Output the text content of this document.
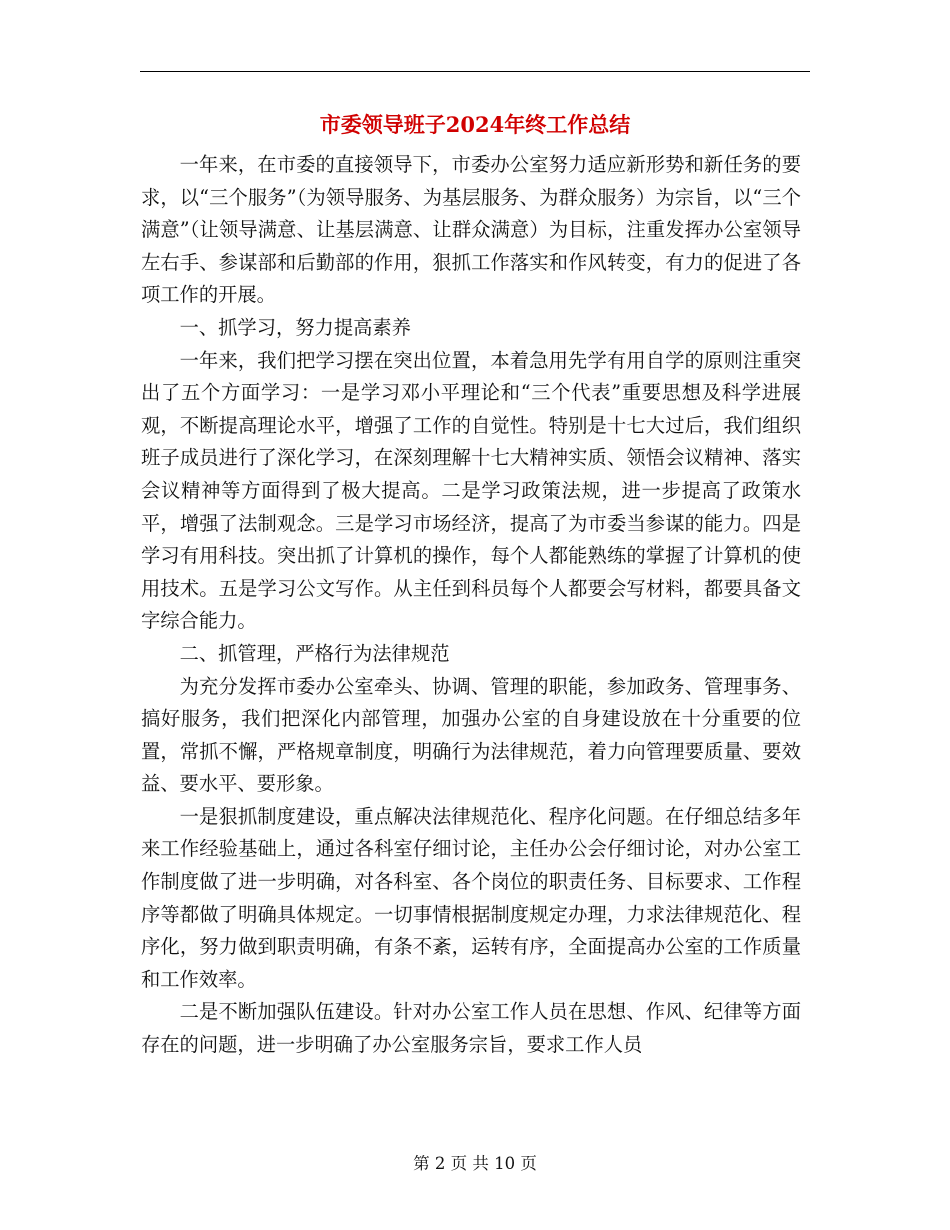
市委领导班子2024年终工作总结

一年来，在市委的直接领导下，市委办公室努力适应新形势和新任务的要求，以“三个服务”（为领导服务、为基层服务、为群众服务）为宗旨，以“三个满意”（让领导满意、让基层满意、让群众满意）为目标，注重发挥办公室领导左右手、参谋部和后勤部的作用，狠抓工作落实和作风转变，有力的促进了各项工作的开展。

一、抓学习，努力提高素养

一年来，我们把学习摆在突出位置，本着急用先学有用自学的原则注重突出了五个方面学习：一是学习邓小平理论和“三个代表”重要思想及科学进展观，不断提高理论水平，增强了工作的自觉性。特别是十七大过后，我们组织班子成员进行了深化学习，在深刻理解十七大精神实质、领悟会议精神、落实会议精神等方面得到了极大提高。二是学习政策法规，进一步提高了政策水平，增强了法制观念。三是学习市场经济，提高了为市委当参谋的能力。四是学习有用科技。突出抓了计算机的操作，每个人都能熟练的掌握了计算机的使用技术。五是学习公文写作。从主任到科员每个人都要会写材料，都要具备文字综合能力。

二、抓管理，严格行为法律规范

为充分发挥市委办公室牵头、协调、管理的职能，参加政务、管理事务、搞好服务，我们把深化内部管理，加强办公室的自身建设放在十分重要的位置，常抓不懈，严格规章制度，明确行为法律规范，着力向管理要质量、要效益、要水平、要形象。

一是狠抓制度建设，重点解决法律规范化、程序化问题。在仔细总结多年来工作经验基础上，通过各科室仔细讨论，主任办公会仔细讨论，对办公室工作制度做了进一步明确，对各科室、各个岗位的职责任务、目标要求、工作程序等都做了明确具体规定。一切事情根据制度规定办理，力求法律规范化、程序化，努力做到职责明确，有条不紊，运转有序，全面提高办公室的工作质量和工作效率。

二是不断加强队伍建设。针对办公室工作人员在思想、作风、纪律等方面存在的问题，进一步明确了办公室服务宗旨，要求工作人员

第 2 页 共 10 页
